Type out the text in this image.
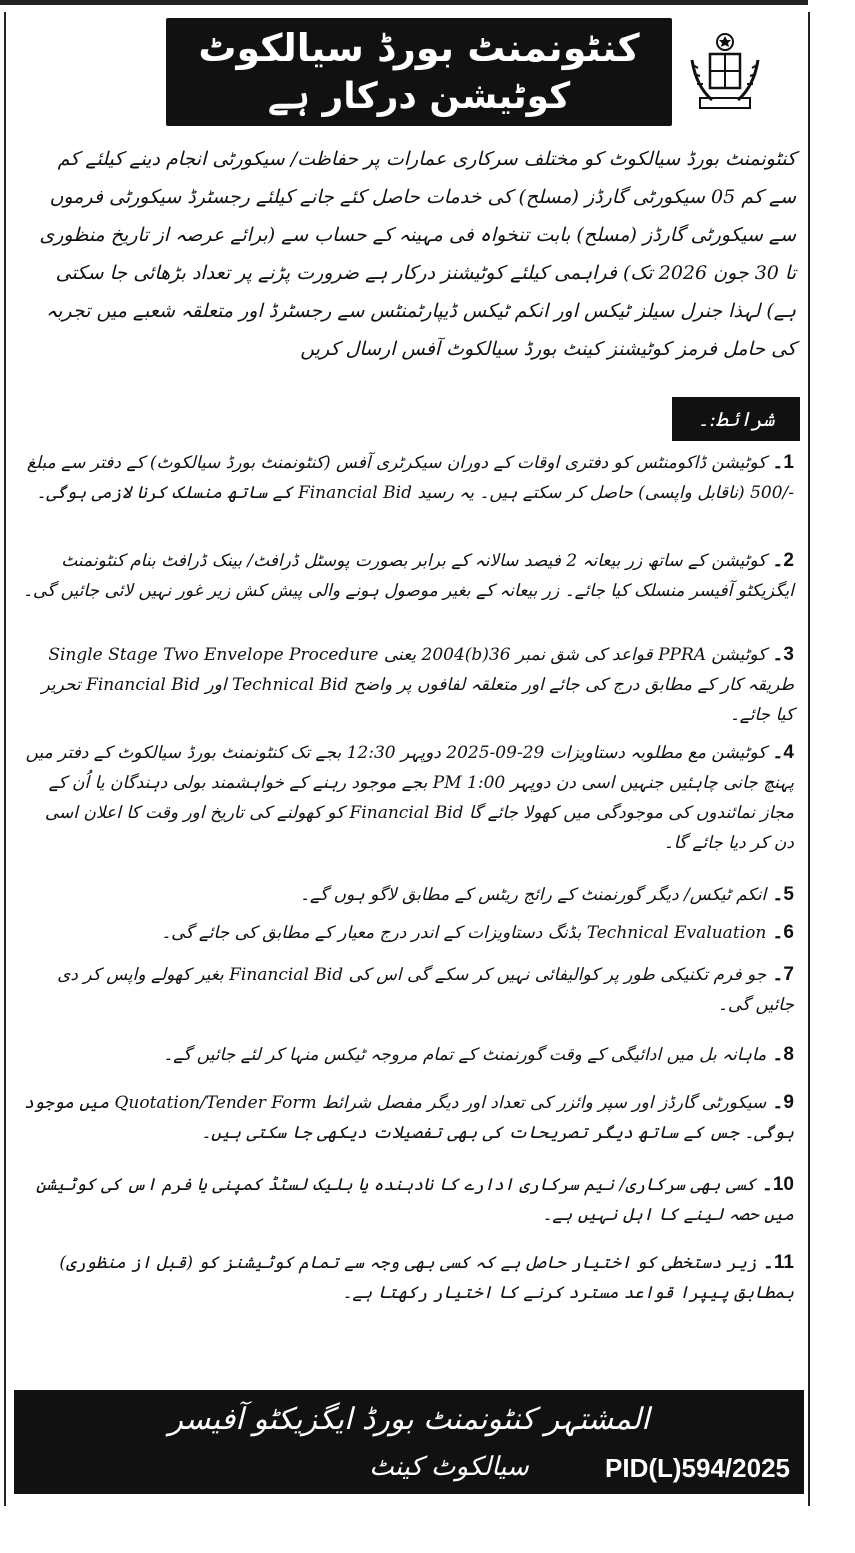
کنٹونمنٹ بورڈ سیالکوٹ
کوٹیشن درکار ہے
کنٹونمنٹ بورڈ سیالکوٹ کو مختلف سرکاری عمارات پر حفاظت/ سیکورٹی انجام دینے کیلئے کم سے کم 05 سیکورٹی گارڈز (مسلح) کی خدمات حاصل کئے جانے کیلئے رجسٹرڈ سیکورٹی فرموں سے سیکورٹی گارڈز (مسلح) بابت تنخواہ فی مہینہ کے حساب سے (برائے عرصہ از تاریخ منظوری تا 30 جون 2026 تک) فراہمی کیلئے کوٹیشنز درکار ہے ضرورت پڑنے پر تعداد بڑھائی جا سکتی ہے) لہذا جنرل سیلز ٹیکس اور انکم ٹیکس ڈیپارٹمنٹس سے رجسٹرڈ اور متعلقہ شعبے میں تجربہ کی حامل فرمز کوٹیشنز کینٹ بورڈ سیالکوٹ آفس ارسال کریں
شرائط:۔
1۔کوٹیشن ڈاکومنٹس کو دفتری اوقات کے دوران سیکرٹری آفس (کنٹونمنٹ بورڈ سیالکوٹ) کے دفتر سے مبلغ -/500 (ناقابل واپسی) حاصل کر سکتے ہیں۔ یہ رسید Financial Bid کے ساتھ منسلک کرنا لازمی ہوگی۔
2۔کوٹیشن کے ساتھ زر بیعانہ 2 فیصد سالانہ کے برابر بصورت پوسٹل ڈرافٹ/ بینک ڈرافٹ بنام کنٹونمنٹ ایگزیکٹو آفیسر منسلک کیا جائے۔ زر بیعانہ کے بغیر موصول ہونے والی پیش کش زیر غور نہیں لائی جائیں گی۔
3۔کوٹیشن PPRA قواعد کی شق نمبر 36(b)2004 یعنی Single Stage Two Envelope Procedure طریقہ کار کے مطابق درج کی جائے اور متعلقہ لفافوں پر واضح Technical Bid اور Financial Bid تحریر کیا جائے۔
4۔کوٹیشن مع مطلوبہ دستاویزات 29-09-2025 دوپہر 12:30 بجے تک کنٹونمنٹ بورڈ سیالکوٹ کے دفتر میں پہنچ جانی چاہئیں جنہیں اسی دن دوپہر 1:00 PM بجے موجود رہنے کے خواہشمند بولی دہندگان یا اُن کے مجاز نمائندوں کی موجودگی میں کھولا جائے گا Financial Bid کو کھولنے کی تاریخ اور وقت کا اعلان اسی دن کر دیا جائے گا۔
5۔انکم ٹیکس/ دیگر گورنمنٹ کے رائج ریٹس کے مطابق لاگو ہوں گے۔
6۔Technical Evaluation بڈنگ دستاویزات کے اندر درج معیار کے مطابق کی جائے گی۔
7۔جو فرم تکنیکی طور پر کوالیفائی نہیں کر سکے گی اس کی Financial Bid بغیر کھولے واپس کر دی جائیں گی۔
8۔ماہانہ بل میں ادائیگی کے وقت گورنمنٹ کے تمام مروجہ ٹیکس منہا کر لئے جائیں گے۔
9۔سیکورٹی گارڈز اور سپر وائزر کی تعداد اور دیگر مفصل شرائط Quotation/Tender Form میں موجود ہوگی۔ جس کے ساتھ دیگر تصریحات کی بھی تفصیلات دیکھی جا سکتی ہیں۔
10۔کسی بھی سرکاری/ نیم سرکاری ادارے کا نادہندہ یا بلیک لسٹڈ کمپنی یا فرم اس کی کوٹیشن میں حصہ لینے کا اہل نہیں ہے۔
11۔زیر دستخطی کو اختیار حاصل ہے کہ کسی بھی وجہ سے تمام کوٹیشنز کو (قبل از منظوری) بمطابق پیپرا قواعد مسترد کرنے کا اختیار رکھتا ہے۔
المشتہر کنٹونمنٹ بورڈ ایگزیکٹو آفیسر
سیالکوٹ کینٹ	PID(L)594/2025
